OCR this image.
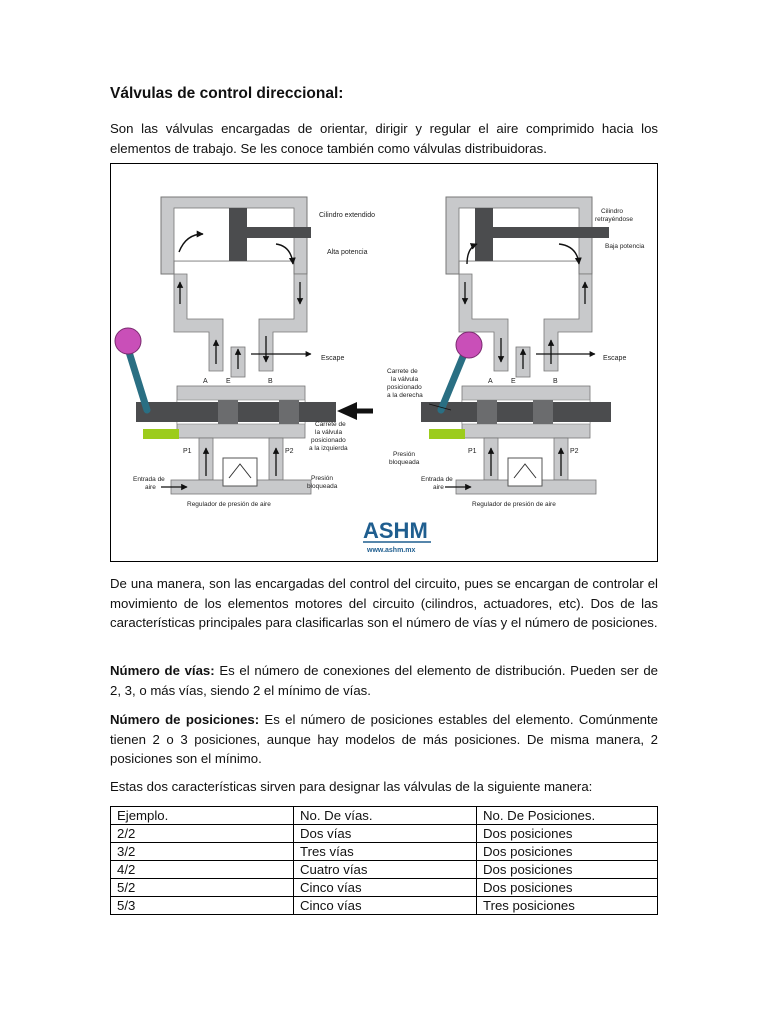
Válvulas de control direccional:

Son las válvulas encargadas de orientar, dirigir y regular el aire comprimido hacia los elementos de trabajo. Se les conoce también como válvulas distribuidoras.

Cilindro extendido
Alta potencia
Escape
A	E	B
P1	P2
Carrete de
la válvula
posicionado
a la izquierda
Presión
bloqueada
Entrada de
aire
Regulador de presión de aire
Cilindro
retrayéndose
Baja potencia
Escape
A	E	B
P1	P2
Carrete de
la válvula
posicionado
a la derecha
Presión
bloqueada
Entrada de
aire
Regulador de presión de aire
ASHM
www.ashm.mx

De una manera, son las encargadas del control del circuito, pues se encargan de controlar el movimiento de los elementos motores del circuito (cilindros, actuadores, etc). Dos de las características principales para clasificarlas son el número de vías y el número de posiciones.

Número de vías: Es el número de conexiones del elemento de distribución. Pueden ser de 2, 3, o más vías, siendo 2 el mínimo de vías.

Número de posiciones: Es el número de posiciones estables del elemento. Comúnmente tienen 2 o 3 posiciones, aunque hay modelos de más posiciones. De misma manera, 2 posiciones son el mínimo.

Estas dos características sirven para designar las válvulas de la siguiente manera:

Ejemplo.	No. De vías.	No. De Posiciones.
2/2	Dos vías	Dos posiciones
3/2	Tres vías	Dos posiciones
4/2	Cuatro vías	Dos posiciones
5/2	Cinco vías	Dos posiciones
5/3	Cinco vías	Tres posiciones
